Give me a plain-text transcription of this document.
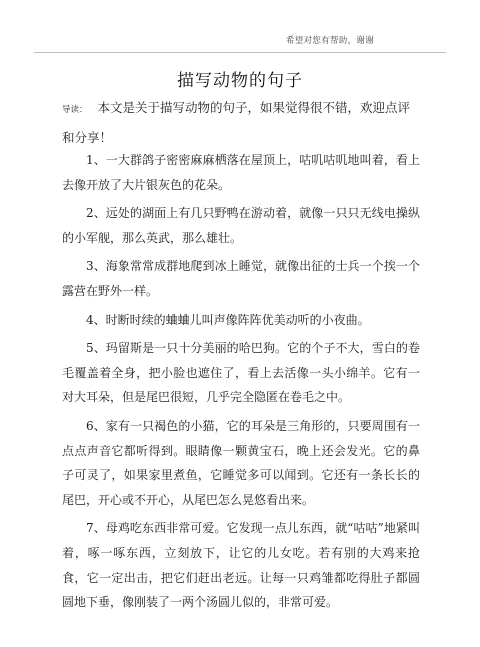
希望对您有帮助，谢谢
描写动物的句子
导读： 本文是关于描写动物的句子，如果觉得很不错，欢迎点评和分享！

1、一大群鸽子密密麻麻栖落在屋顶上，咕叽咕叽地叫着，看上去像开放了大片银灰色的花朵。

2、远处的湖面上有几只野鸭在游动着，就像一只只无线电操纵的小军舰，那么英武，那么雄壮。

3、海象常常成群地爬到冰上睡觉，就像出征的士兵一个挨一个露营在野外一样。

4、时断时续的蛐蛐儿叫声像阵阵优美动听的小夜曲。

5、玛留斯是一只十分美丽的哈巴狗。它的个子不大，雪白的卷毛覆盖着全身，把小脸也遮住了，看上去活像一头小绵羊。它有一对大耳朵，但是尾巴很短，几乎完全隐匿在卷毛之中。

6、家有一只褐色的小猫，它的耳朵是三角形的，只要周围有一点点声音它都听得到。眼睛像一颗黄宝石，晚上还会发光。它的鼻子可灵了，如果家里煮鱼，它睡觉多可以闻到。它还有一条长长的尾巴，开心或不开心，从尾巴怎么晃悠看出来。

7、母鸡吃东西非常可爱。它发现一点儿东西，就“咕咕”地紧叫着，啄一啄东西，立刻放下，让它的儿女吃。若有别的大鸡来抢食，它一定出击，把它们赶出老远。让每一只鸡雏都吃得肚子都圆圆地下垂，像刚装了一两个汤圆儿似的，非常可爱。
